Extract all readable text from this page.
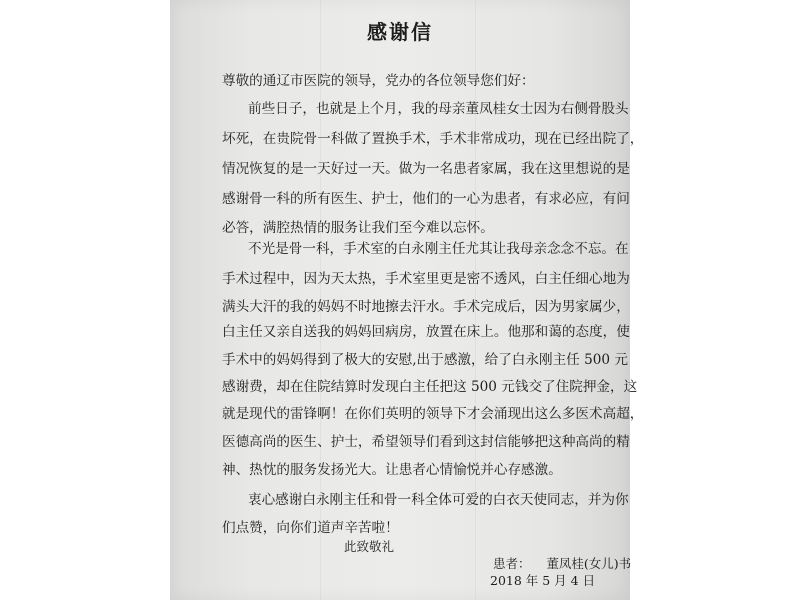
感谢信
尊敬的通辽市医院的领导，党办的各位领导您们好：
前些日子，也就是上个月，我的母亲董凤桂女士因为右侧骨股头
坏死，在贵院骨一科做了置换手术，手术非常成功，现在已经出院了，
情况恢复的是一天好过一天。做为一名患者家属，我在这里想说的是
感谢骨一科的所有医生、护士，他们的一心为患者，有求必应，有问
必答，满腔热情的服务让我们至今难以忘怀。
不光是骨一科，手术室的白永刚主任尤其让我母亲念念不忘。在
手术过程中，因为天太热，手术室里更是密不透风，白主任细心地为
满头大汗的我的妈妈不时地擦去汗水。手术完成后，因为男家属少，
白主任又亲自送我的妈妈回病房，放置在床上。他那和蔼的态度，使
手术中的妈妈得到了极大的安慰,出于感激，给了白永刚主任 500 元
感谢费，却在住院结算时发现白主任把这 500 元钱交了住院押金，这
就是现代的雷锋啊！在你们英明的领导下才会涌现出这么多医术高超，
医德高尚的医生、护士，希望领导们看到这封信能够把这种高尚的精
神、热忱的服务发扬光大。让患者心情愉悦并心存感激。
衷心感谢白永刚主任和骨一科全体可爱的白衣天使同志，并为你
们点赞，向你们道声辛苦啦！
此致敬礼
患者：    董凤桂(女儿)书
2018 年 5 月 4 日
